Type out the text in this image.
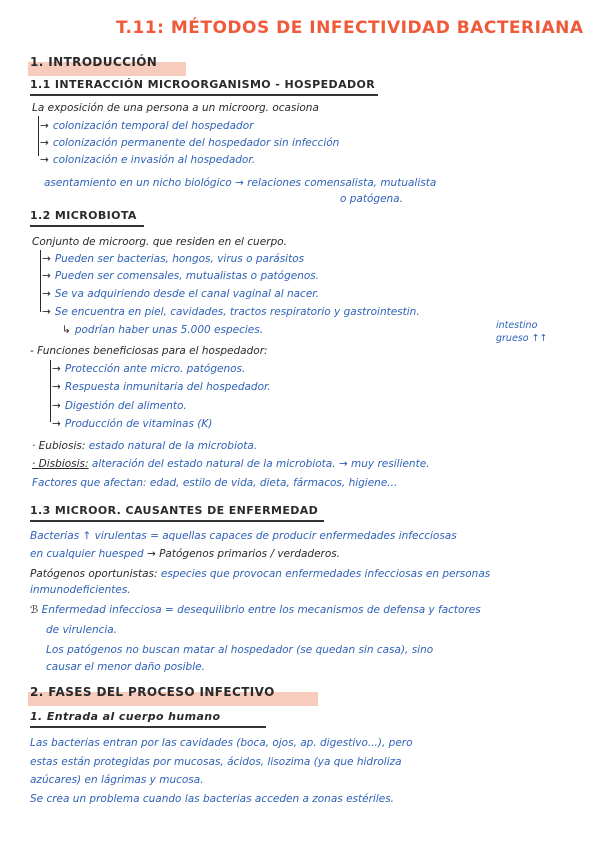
T.11: MÉTODOS DE INFECTIVIDAD BACTERIANA
1. INTRODUCCIÓN
1.1 INTERACCIÓN MICROORGANISMO - HOSPEDADOR
La exposición de una persona a un microorg. ocasiona
→ colonización temporal del hospedador
→ colonización permanente del hospedador sin infección
→ colonización e invasión al hospedador.
asentamiento en un nicho biológico → relaciones comensalista, mutualista
o patógena.
1.2 MICROBIOTA
Conjunto de microorg. que residen en el cuerpo.
→ Pueden ser bacterias, hongos, virus o parásitos
→ Pueden ser comensales, mutualistas o patógenos.
→ Se va adquiriendo desde el canal vaginal al nacer.
→ Se encuentra en piel, cavidades, tractos respiratorio y gastrointestin.
↳ podrían haber unas 5.000 especies.	intestino
grueso ↑↑
- Funciones beneficiosas para el hospedador:
→ Protección ante micro. patógenos.
→ Respuesta inmunitaria del hospedador.
→ Digestión del alimento.
→ Producción de vitaminas (K)
· Eubiosis: estado natural de la microbiota.
· Disbiosis: alteración del estado natural de la microbiota. → muy resiliente.
Factores que afectan: edad, estilo de vida, dieta, fármacos, higiene...
1.3 MICROOR. CAUSANTES DE ENFERMEDAD
Bacterias ↑ virulentas = aquellas capaces de producir enfermedades infecciosas
en cualquier huesped → Patógenos primarios / verdaderos.
Patógenos oportunistas: especies que provocan enfermedades infecciosas en personas
inmunodeficientes.
ℬ Enfermedad infecciosa = desequilibrio entre los mecanismos de defensa y factores
de virulencia.
Los patógenos no buscan matar al hospedador (se quedan sin casa), sino
causar el menor daño posible.
2. FASES DEL PROCESO INFECTIVO
1. Entrada al cuerpo humano
Las bacterias entran por las cavidades (boca, ojos, ap. digestivo...), pero
estas están protegidas por mucosas, ácidos, lisozima (ya que hidroliza
azúcares) en lágrimas y mucosa.
Se crea un problema cuando las bacterias acceden a zonas estériles.
